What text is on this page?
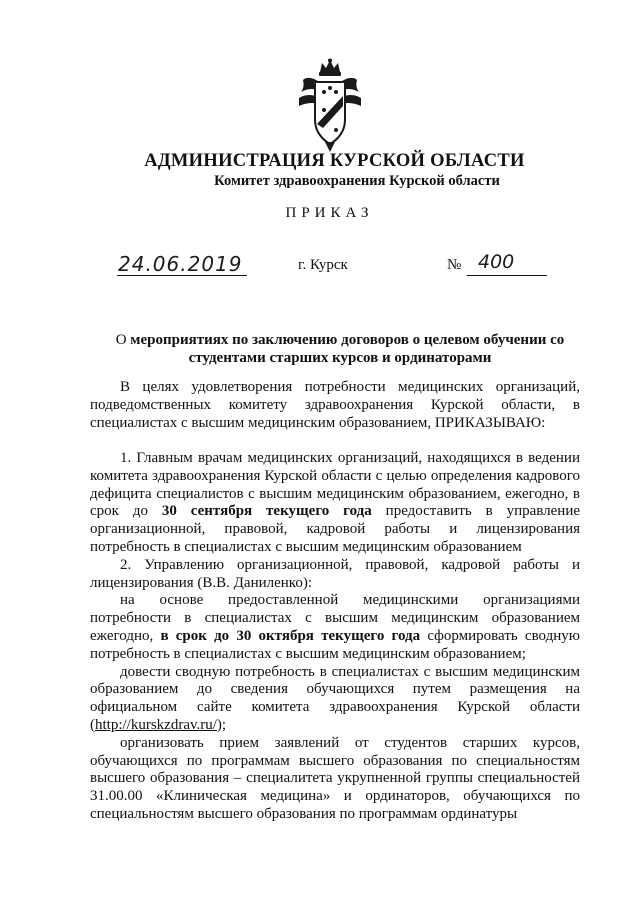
АДМИНИСТРАЦИЯ КУРСКОЙ ОБЛАСТИ
Комитет здравоохранения Курской области
ПРИКАЗ
24.06.2019	г. Курск	№ 400
О мероприятиях по заключению договоров о целевом обучении со студентами старших курсов и ординаторами

В целях удовлетворения потребности медицинских организаций, подведомственных комитету здравоохранения Курской области, в специалистах с высшим медицинским образованием, ПРИКАЗЫВАЮ:

1. Главным врачам медицинских организаций, находящихся в ведении комитета здравоохранения Курской области с целью определения кадрового дефицита специалистов с высшим медицинским образованием, ежегодно, в срок до 30 сентября текущего года предоставить в управление организационной, правовой, кадровой работы и лицензирования потребность в специалистах с высшим медицинским образованием

2. Управлению организационной, правовой, кадровой работы и лицензирования (В.В. Даниленко):

на основе предоставленной медицинскими организациями потребности в специалистах с высшим медицинским образованием ежегодно, в срок до 30 октября текущего года сформировать сводную потребность в специалистах с высшим медицинским образованием;

довести сводную потребность в специалистах с высшим медицинским образованием до сведения обучающихся путем размещения на официальном сайте комитета здравоохранения Курской области (http://kurskzdrav.ru/);

организовать прием заявлений от студентов старших курсов, обучающихся по программам высшего образования по специальностям высшего образования – специалитета укрупненной группы специальностей 31.00.00 «Клиническая медицина» и ординаторов, обучающихся по специальностям высшего образования по программам ординатуры
